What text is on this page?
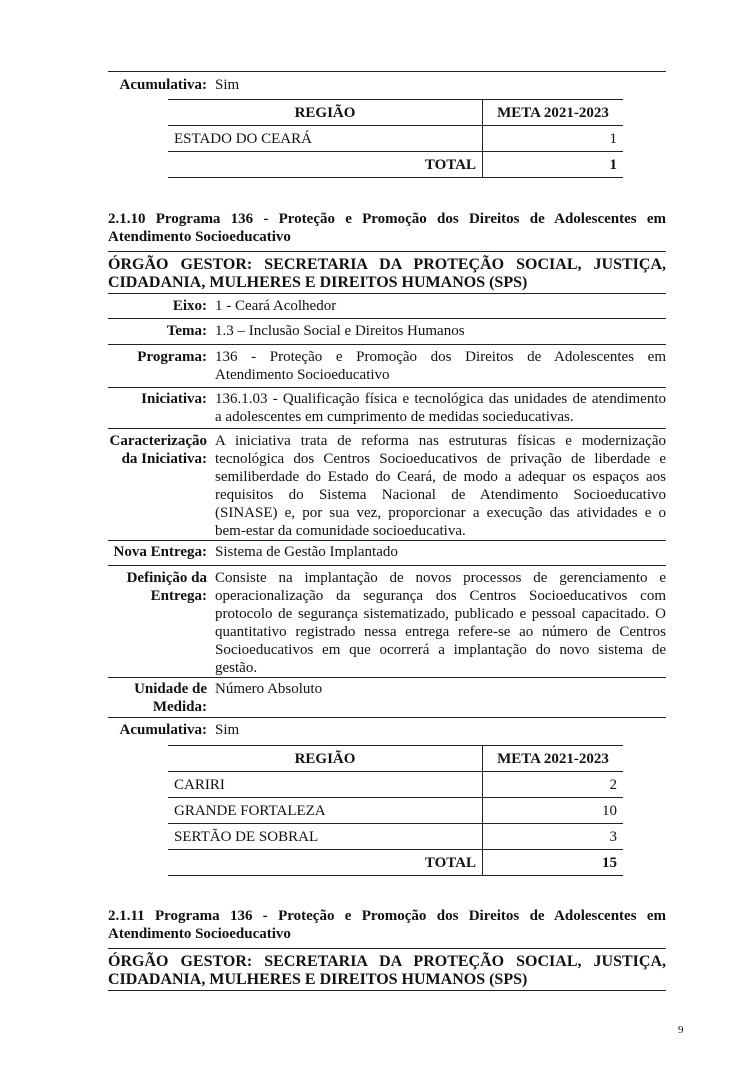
Acumulativa: Sim
REGIÃO	META 2021-2023
ESTADO DO CEARÁ	1
TOTAL	1
2.1.10 Programa 136 - Proteção e Promoção dos Direitos de Adolescentes em
Atendimento Socioeducativo
ÓRGÃO GESTOR: SECRETARIA DA PROTEÇÃO SOCIAL, JUSTIÇA,
CIDADANIA, MULHERES E DIREITOS HUMANOS (SPS)
Eixo: 1 - Ceará Acolhedor
Tema: 1.3 – Inclusão Social e Direitos Humanos
Programa: 136 - Proteção e Promoção dos Direitos de Adolescentes em
Atendimento Socioeducativo
Iniciativa: 136.1.03 - Qualificação física e tecnológica das unidades de atendimento
a adolescentes em cumprimento de medidas socieducativas.
Caracterização
da Iniciativa:
A iniciativa trata de reforma nas estruturas físicas e modernização
tecnológica dos Centros Socioeducativos de privação de liberdade e
semiliberdade do Estado do Ceará, de modo a adequar os espaços aos
requisitos do Sistema Nacional de Atendimento Socioeducativo
(SINASE) e, por sua vez, proporcionar a execução das atividades e o
bem-estar da comunidade socioeducativa.
Nova Entrega: Sistema de Gestão Implantado
Definição da
Entrega:
Consiste na implantação de novos processos de gerenciamento e
operacionalização da segurança dos Centros Socioeducativos com
protocolo de segurança sistematizado, publicado e pessoal capacitado. O
quantitativo registrado nessa entrega refere-se ao número de Centros
Socioeducativos em que ocorrerá a implantação do novo sistema de
gestão.
Unidade de
Medida:
Número Absoluto
Acumulativa: Sim
REGIÃO	META 2021-2023
CARIRI	2
GRANDE FORTALEZA	10
SERTÃO DE SOBRAL	3
TOTAL	15
2.1.11 Programa 136 - Proteção e Promoção dos Direitos de Adolescentes em
Atendimento Socioeducativo
ÓRGÃO GESTOR: SECRETARIA DA PROTEÇÃO SOCIAL, JUSTIÇA,
CIDADANIA, MULHERES E DIREITOS HUMANOS (SPS)
9
